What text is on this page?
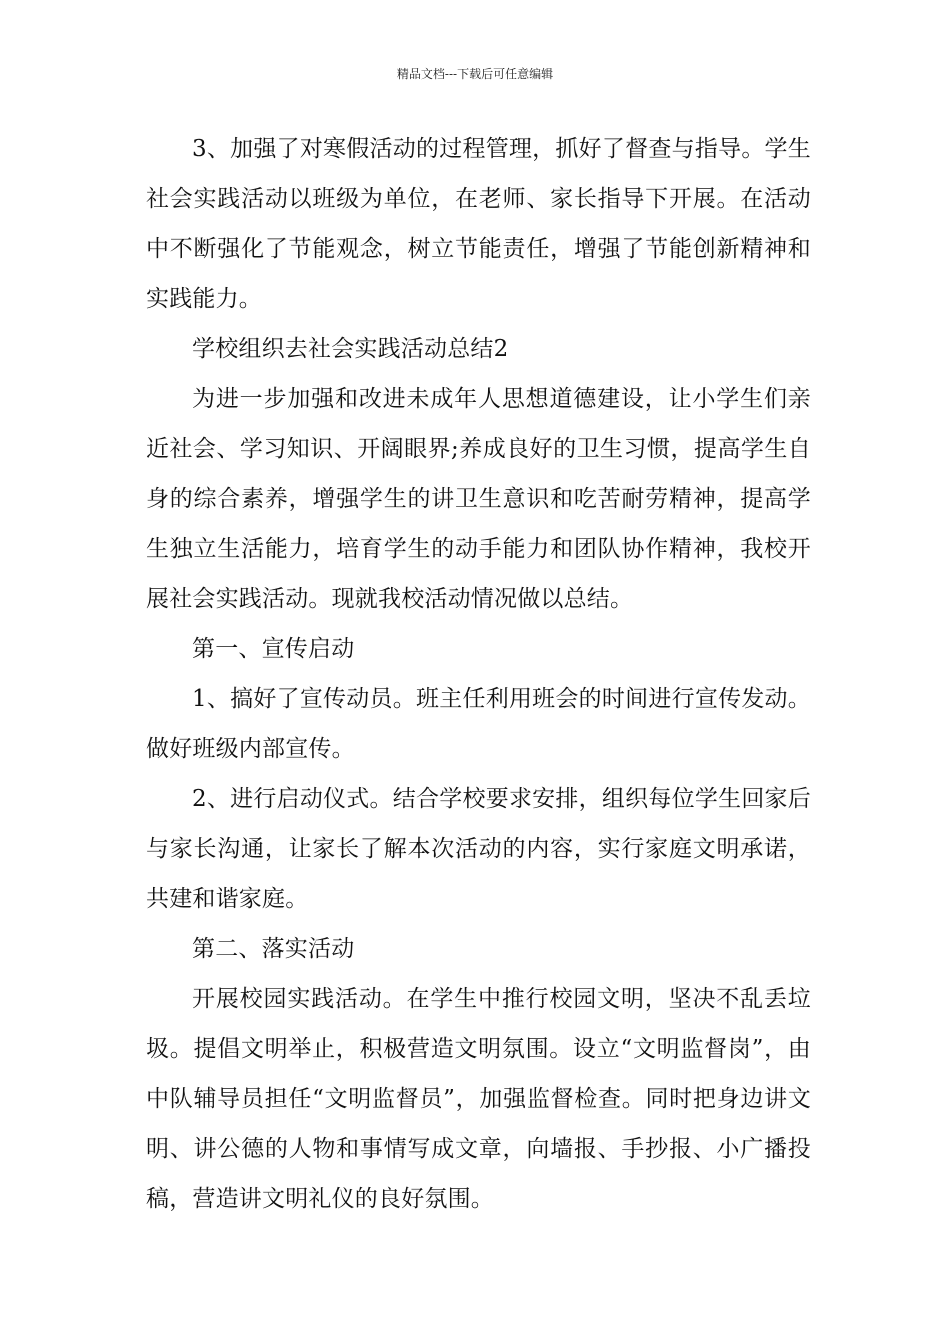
精品文档---下载后可任意编辑

3、加强了对寒假活动的过程管理，抓好了督查与指导。学生社会实践活动以班级为单位，在老师、家长指导下开展。在活动中不断强化了节能观念，树立节能责任，增强了节能创新精神和实践能力。

学校组织去社会实践活动总结2

为进一步加强和改进未成年人思想道德建设，让小学生们亲近社会、学习知识、开阔眼界;养成良好的卫生习惯，提高学生自身的综合素养，增强学生的讲卫生意识和吃苦耐劳精神，提高学生独立生活能力，培育学生的动手能力和团队协作精神，我校开展社会实践活动。现就我校活动情况做以总结。

第一、宣传启动

1、搞好了宣传动员。班主任利用班会的时间进行宣传发动。做好班级内部宣传。

2、进行启动仪式。结合学校要求安排，组织每位学生回家后与家长沟通，让家长了解本次活动的内容，实行家庭文明承诺，共建和谐家庭。

第二、落实活动

开展校园实践活动。在学生中推行校园文明，坚决不乱丢垃圾。提倡文明举止，积极营造文明氛围。设立“文明监督岗”，由中队辅导员担任“文明监督员”，加强监督检查。同时把身边讲文明、讲公德的人物和事情写成文章，向墙报、手抄报、小广播投稿，营造讲文明礼仪的良好氛围。
